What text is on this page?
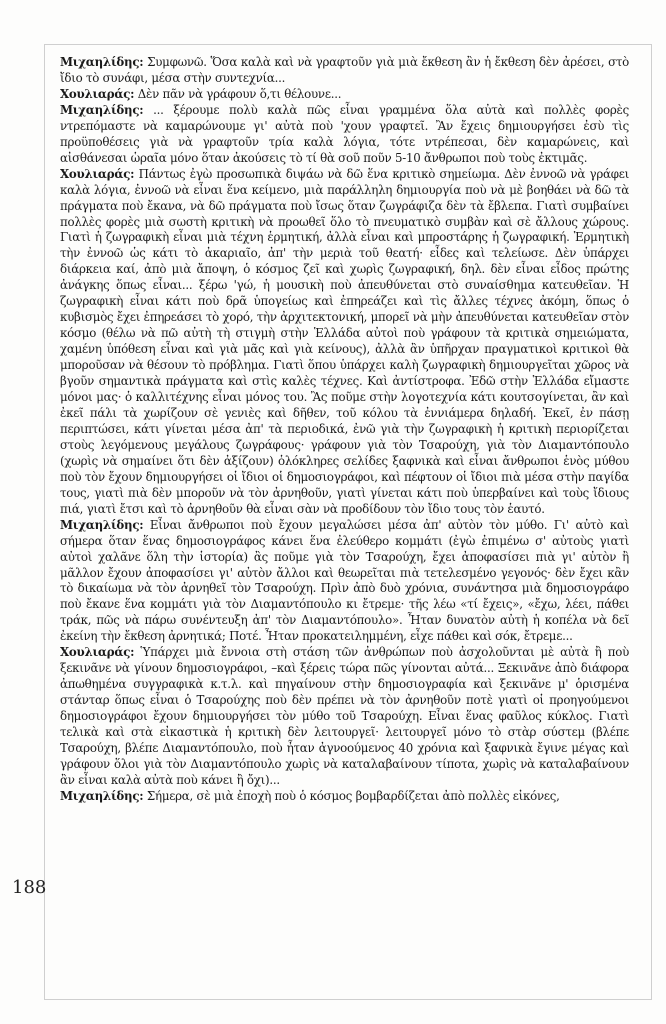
188

Μιχαηλίδης: Συμφωνῶ. Ὅσα καλὰ καὶ νὰ γραφτοῦν γιὰ μιὰ ἔκθεση ἂν ἡ ἔκθεση δὲν ἀρέσει, στὸ ἴδιο τὸ συνάφι, μέσα στὴν συντεχνία...

Χουλιαράς: Δὲν πᾶν νὰ γράφουν ὅ,τι θέλουνε...

Μιχαηλίδης: ... ξέρουμε πολὺ καλὰ πῶς εἶναι γραμμένα ὅλα αὐτὰ καὶ πολλὲς φορὲς ντρεπόμαστε νὰ καμαρώνουμε γι' αὐτὰ ποὺ 'χουν γραφτεῖ. Ἂν ἔχεις δημιουργήσει ἐσὺ τὶς προϋποθέσεις γιὰ νὰ γραφτοῦν τρία καλὰ λόγια, τότε ντρέπεσαι, δὲν καμαρώνεις, καὶ αἰσθάνεσαι ὡραῖα μόνο ὅταν ἀκούσεις τὸ τί θὰ σοῦ ποῦν 5-10 ἄνθρωποι ποὺ τοὺς ἐκτιμᾶς.

Χουλιαράς: Πάντως ἐγὼ προσωπικὰ διψάω νὰ δῶ ἕνα κριτικὸ σημείωμα. Δὲν ἐννοῶ νὰ γράφει καλὰ λόγια, ἐννοῶ νὰ εἶναι ἕνα κείμενο, μιὰ παράλληλη δημιουργία ποὺ νὰ μὲ βοηθάει νὰ δῶ τὰ πράγματα ποὺ ἔκανα, νὰ δῶ πράγματα ποὺ ἴσως ὅταν ζωγράφιζα δὲν τὰ ἔβλεπα. Γιατὶ συμβαίνει πολλὲς φορὲς μιὰ σωστὴ κριτικὴ νὰ προωθεῖ ὅλο τὸ πνευματικὸ συμβὰν καὶ σὲ ἄλλους χώρους. Γιατὶ ἡ ζωγραφικὴ εἶναι μιὰ τέχνη ἑρμητική, ἀλλὰ εἶναι καὶ μπροστάρης ἡ ζωγραφική. Ἑρμητικὴ τὴν ἐννοῶ ὡς κάτι τὸ ἀκαριαῖο, ἀπ' τὴν μεριὰ τοῦ θεατή· εἶδες καὶ τελείωσε. Δὲν ὑπάρχει διάρκεια καί, ἀπὸ μιὰ ἄποψη, ὁ κόσμος ζεῖ καὶ χωρὶς ζωγραφική, δηλ. δὲν εἶναι εἶδος πρώτης ἀνάγκης ὅπως εἶναι... ξέρω 'γώ, ἡ μουσικὴ ποὺ ἀπευθύνεται στὸ συναίσθημα κατευθεῖαν. Ἡ ζωγραφικὴ εἶναι κάτι ποὺ δρᾶ ὑπογείως καὶ ἐπηρεάζει καὶ τὶς ἄλλες τέχνες ἀκόμη, ὅπως ὁ κυβισμὸς ἔχει ἐπηρεάσει τὸ χορό, τὴν ἀρχιτεκτονική, μπορεῖ νὰ μὴν ἀπευθύνεται κατευθεῖαν στὸν κόσμο (θέλω νὰ πῶ αὐτὴ τὴ στιγμὴ στὴν Ἑλλάδα αὐτοὶ ποὺ γράφουν τὰ κριτικὰ σημειώματα, χαμένη ὑπόθεση εἶναι καὶ γιὰ μᾶς καὶ γιὰ κείνους), ἀλλὰ ἂν ὑπῆρχαν πραγματικοὶ κριτικοὶ θὰ μποροῦσαν νὰ θέσουν τὸ πρόβλημα. Γιατὶ ὅπου ὑπάρχει καλὴ ζωγραφικὴ δημιουργεῖται χῶρος νὰ βγοῦν σημαντικὰ πράγματα καὶ στὶς καλὲς τέχνες. Καὶ ἀντίστροφα. Ἐδῶ στὴν Ἑλλάδα εἴμαστε μόνοι μας· ὁ καλλιτέχνης εἶναι μόνος του. Ἂς ποῦμε στὴν λογοτεχνία κάτι κουτσογίνεται, ἂν καὶ ἐκεῖ πάλι τὰ χωρίζουν σὲ γενιὲς καὶ δῆθεν, τοῦ κόλου τὰ ἐννιάμερα δηλαδή. Ἐκεῖ, ἐν πάσῃ περιπτώσει, κάτι γίνεται μέσα ἀπ' τὰ περιοδικά, ἐνῶ γιὰ τὴν ζωγραφικὴ ἡ κριτικὴ περιορίζεται στοὺς λεγόμενους μεγάλους ζωγράφους· γράφουν γιὰ τὸν Τσαρούχη, γιὰ τὸν Διαμαντόπουλο (χωρὶς νὰ σημαίνει ὅτι δὲν ἀξίζουν) ὁλόκληρες σελίδες ξαφνικὰ καὶ εἶναι ἄνθρωποι ἑνὸς μύθου ποὺ τὸν ἔχουν δημιουργήσει οἱ ἴδιοι οἱ δημοσιογράφοι, καὶ πέφτουν οἱ ἴδιοι πιὰ μέσα στὴν παγίδα τους, γιατὶ πιὰ δὲν μποροῦν νὰ τὸν ἀρνηθοῦν, γιατὶ γίνεται κάτι ποὺ ὑπερβαίνει καὶ τοὺς ἴδιους πιά, γιατὶ ἔτσι καὶ τὸ ἀρνηθοῦν θὰ εἶναι σὰν νὰ προδίδουν τὸν ἴδιο τους τὸν ἑαυτό.

Μιχαηλίδης: Εἶναι ἄνθρωποι ποὺ ἔχουν μεγαλώσει μέσα ἀπ' αὐτὸν τὸν μύθο. Γι' αὐτὸ καὶ σήμερα ὅταν ἕνας δημοσιογράφος κάνει ἕνα ἐλεύθερο κομμάτι (ἐγὼ ἐπιμένω σ' αὐτοὺς γιατὶ αὐτοὶ χαλᾶνε ὅλη τὴν ἱστορία) ἂς ποῦμε γιὰ τὸν Τσαρούχη, ἔχει ἀποφασίσει πιὰ γι' αὐτὸν ἢ μᾶλλον ἔχουν ἀποφασίσει γι' αὐτὸν ἄλλοι καὶ θεωρεῖται πιὰ τετελεσμένο γεγονός· δὲν ἔχει κἂν τὸ δικαίωμα νὰ τὸν ἀρνηθεῖ τὸν Τσαρούχη. Πρὶν ἀπὸ δυὸ χρόνια, συνάντησα μιὰ δημοσιογράφο ποὺ ἔκανε ἕνα κομμάτι γιὰ τὸν Διαμαντόπουλο κι ἔτρεμε· τῆς λέω «τί ἔχεις», «ἔχω, λέει, πάθει τράκ, πῶς νὰ πάρω συνέντευξη ἀπ' τὸν Διαμαντόπουλο». Ἦταν δυνατὸν αὐτὴ ἡ κοπέλα νὰ δεῖ ἐκείνη τὴν ἔκθεση ἀρνητικά; Ποτέ. Ἦταν προκατειλημμένη, εἶχε πάθει καὶ σόκ, ἔτρεμε...

Χουλιαράς: Ὑπάρχει μιὰ ἔννοια στὴ στάση τῶν ἀνθρώπων ποὺ ἀσχολοῦνται μὲ αὐτὰ ἢ ποὺ ξεκινᾶνε νὰ γίνουν δημοσιογράφοι, –καὶ ξέρεις τώρα πῶς γίνονται αὐτά... Ξεκινᾶνε ἀπὸ διάφορα ἀπωθημένα συγγραφικὰ κ.τ.λ. καὶ πηγαίνουν στὴν δημοσιογραφία καὶ ξεκινᾶνε μ' ὁρισμένα στάνταρ ὅπως εἶναι ὁ Τσαρούχης ποὺ δὲν πρέπει νὰ τὸν ἀρνηθοῦν ποτὲ γιατὶ οἱ προηγούμενοι δημοσιογράφοι ἔχουν δημιουργήσει τὸν μύθο τοῦ Τσαρούχη. Εἶναι ἕνας φαῦλος κύκλος. Γιατὶ τελικὰ καὶ στὰ εἰκαστικὰ ἡ κριτικὴ δὲν λειτουργεῖ· λειτουργεῖ μόνο τὸ στὰρ σύστεμ (βλέπε Τσαρούχη, βλέπε Διαμαντόπουλο, ποὺ ἦταν ἀγνοούμενος 40 χρόνια καὶ ξαφνικὰ ἔγινε μέγας καὶ γράφουν ὅλοι γιὰ τὸν Διαμαντόπουλο χωρὶς νὰ καταλαβαίνουν τίποτα, χωρὶς νὰ καταλαβαίνουν ἂν εἶναι καλὰ αὐτὰ ποὺ κάνει ἢ ὄχι)...

Μιχαηλίδης: Σήμερα, σὲ μιὰ ἐποχὴ ποὺ ὁ κόσμος βομβαρδίζεται ἀπὸ πολλὲς εἰκόνες,
